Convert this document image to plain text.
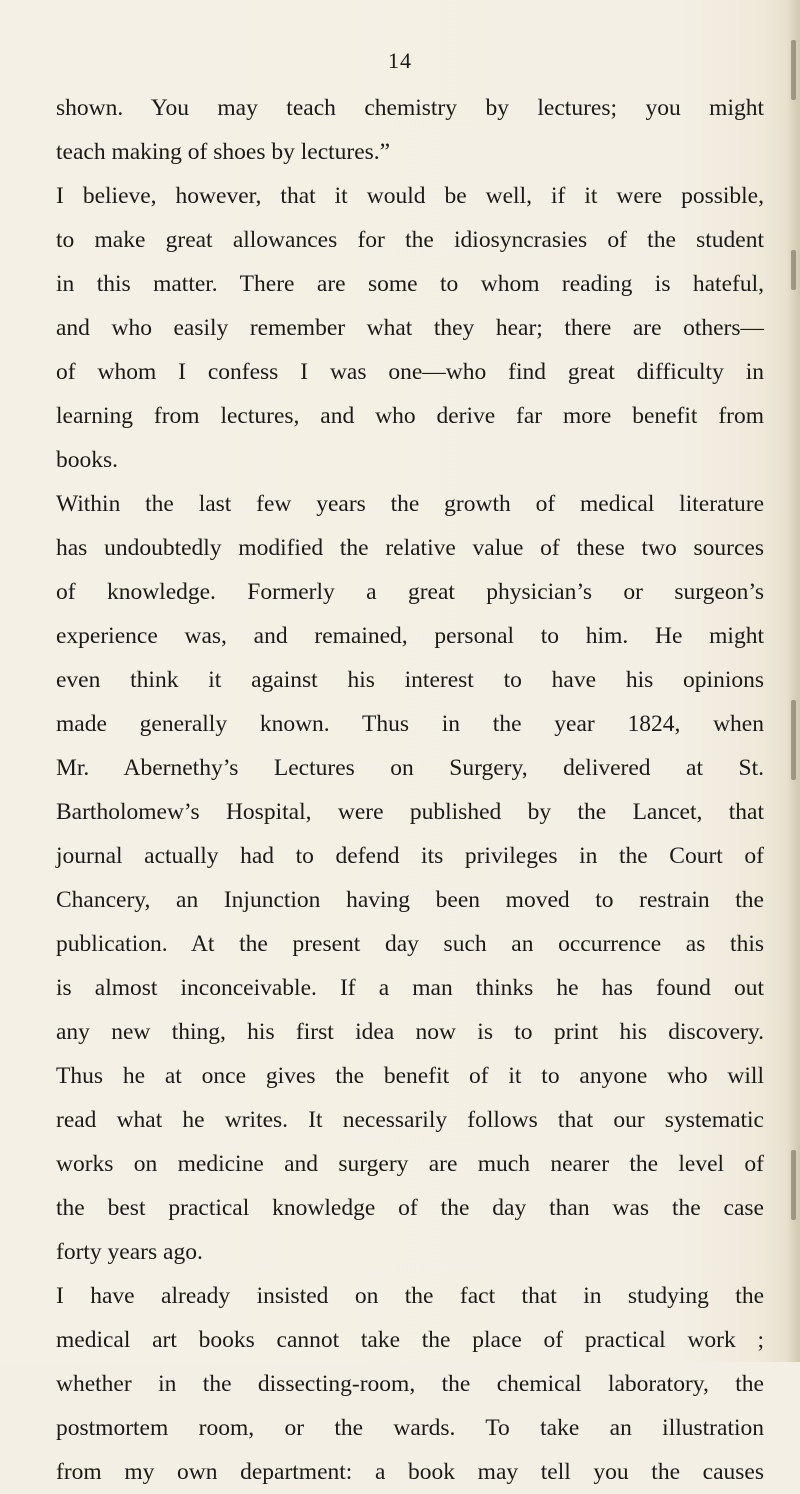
14
shown. You may teach chemistry by lectures; you might
teach making of shoes by lectures.”
I believe, however, that it would be well, if it were possible,
to make great allowances for the idiosyncrasies of the student
in this matter. There are some to whom reading is hateful,
and who easily remember what they hear; there are others—
of whom I confess I was one—who find great difficulty in
learning from lectures, and who derive far more benefit from
books.
Within the last few years the growth of medical literature
has undoubtedly modified the relative value of these two sources
of knowledge. Formerly a great physician’s or surgeon’s
experience was, and remained, personal to him. He might
even think it against his interest to have his opinions
made generally known. Thus in the year 1824, when
Mr. Abernethy’s Lectures on Surgery, delivered at St.
Bartholomew’s Hospital, were published by the Lancet, that
journal actually had to defend its privileges in the Court of
Chancery, an Injunction having been moved to restrain the
publication. At the present day such an occurrence as this
is almost inconceivable. If a man thinks he has found out
any new thing, his first idea now is to print his discovery.
Thus he at once gives the benefit of it to anyone who will
read what he writes. It necessarily follows that our systematic
works on medicine and surgery are much nearer the level of
the best practical knowledge of the day than was the case
forty years ago.
I have already insisted on the fact that in studying the
medical art books cannot take the place of practical work ;
whether in the dissecting-room, the chemical laboratory, the
postmortem room, or the wards. To take an illustration
from my own department: a book may tell you the causes
